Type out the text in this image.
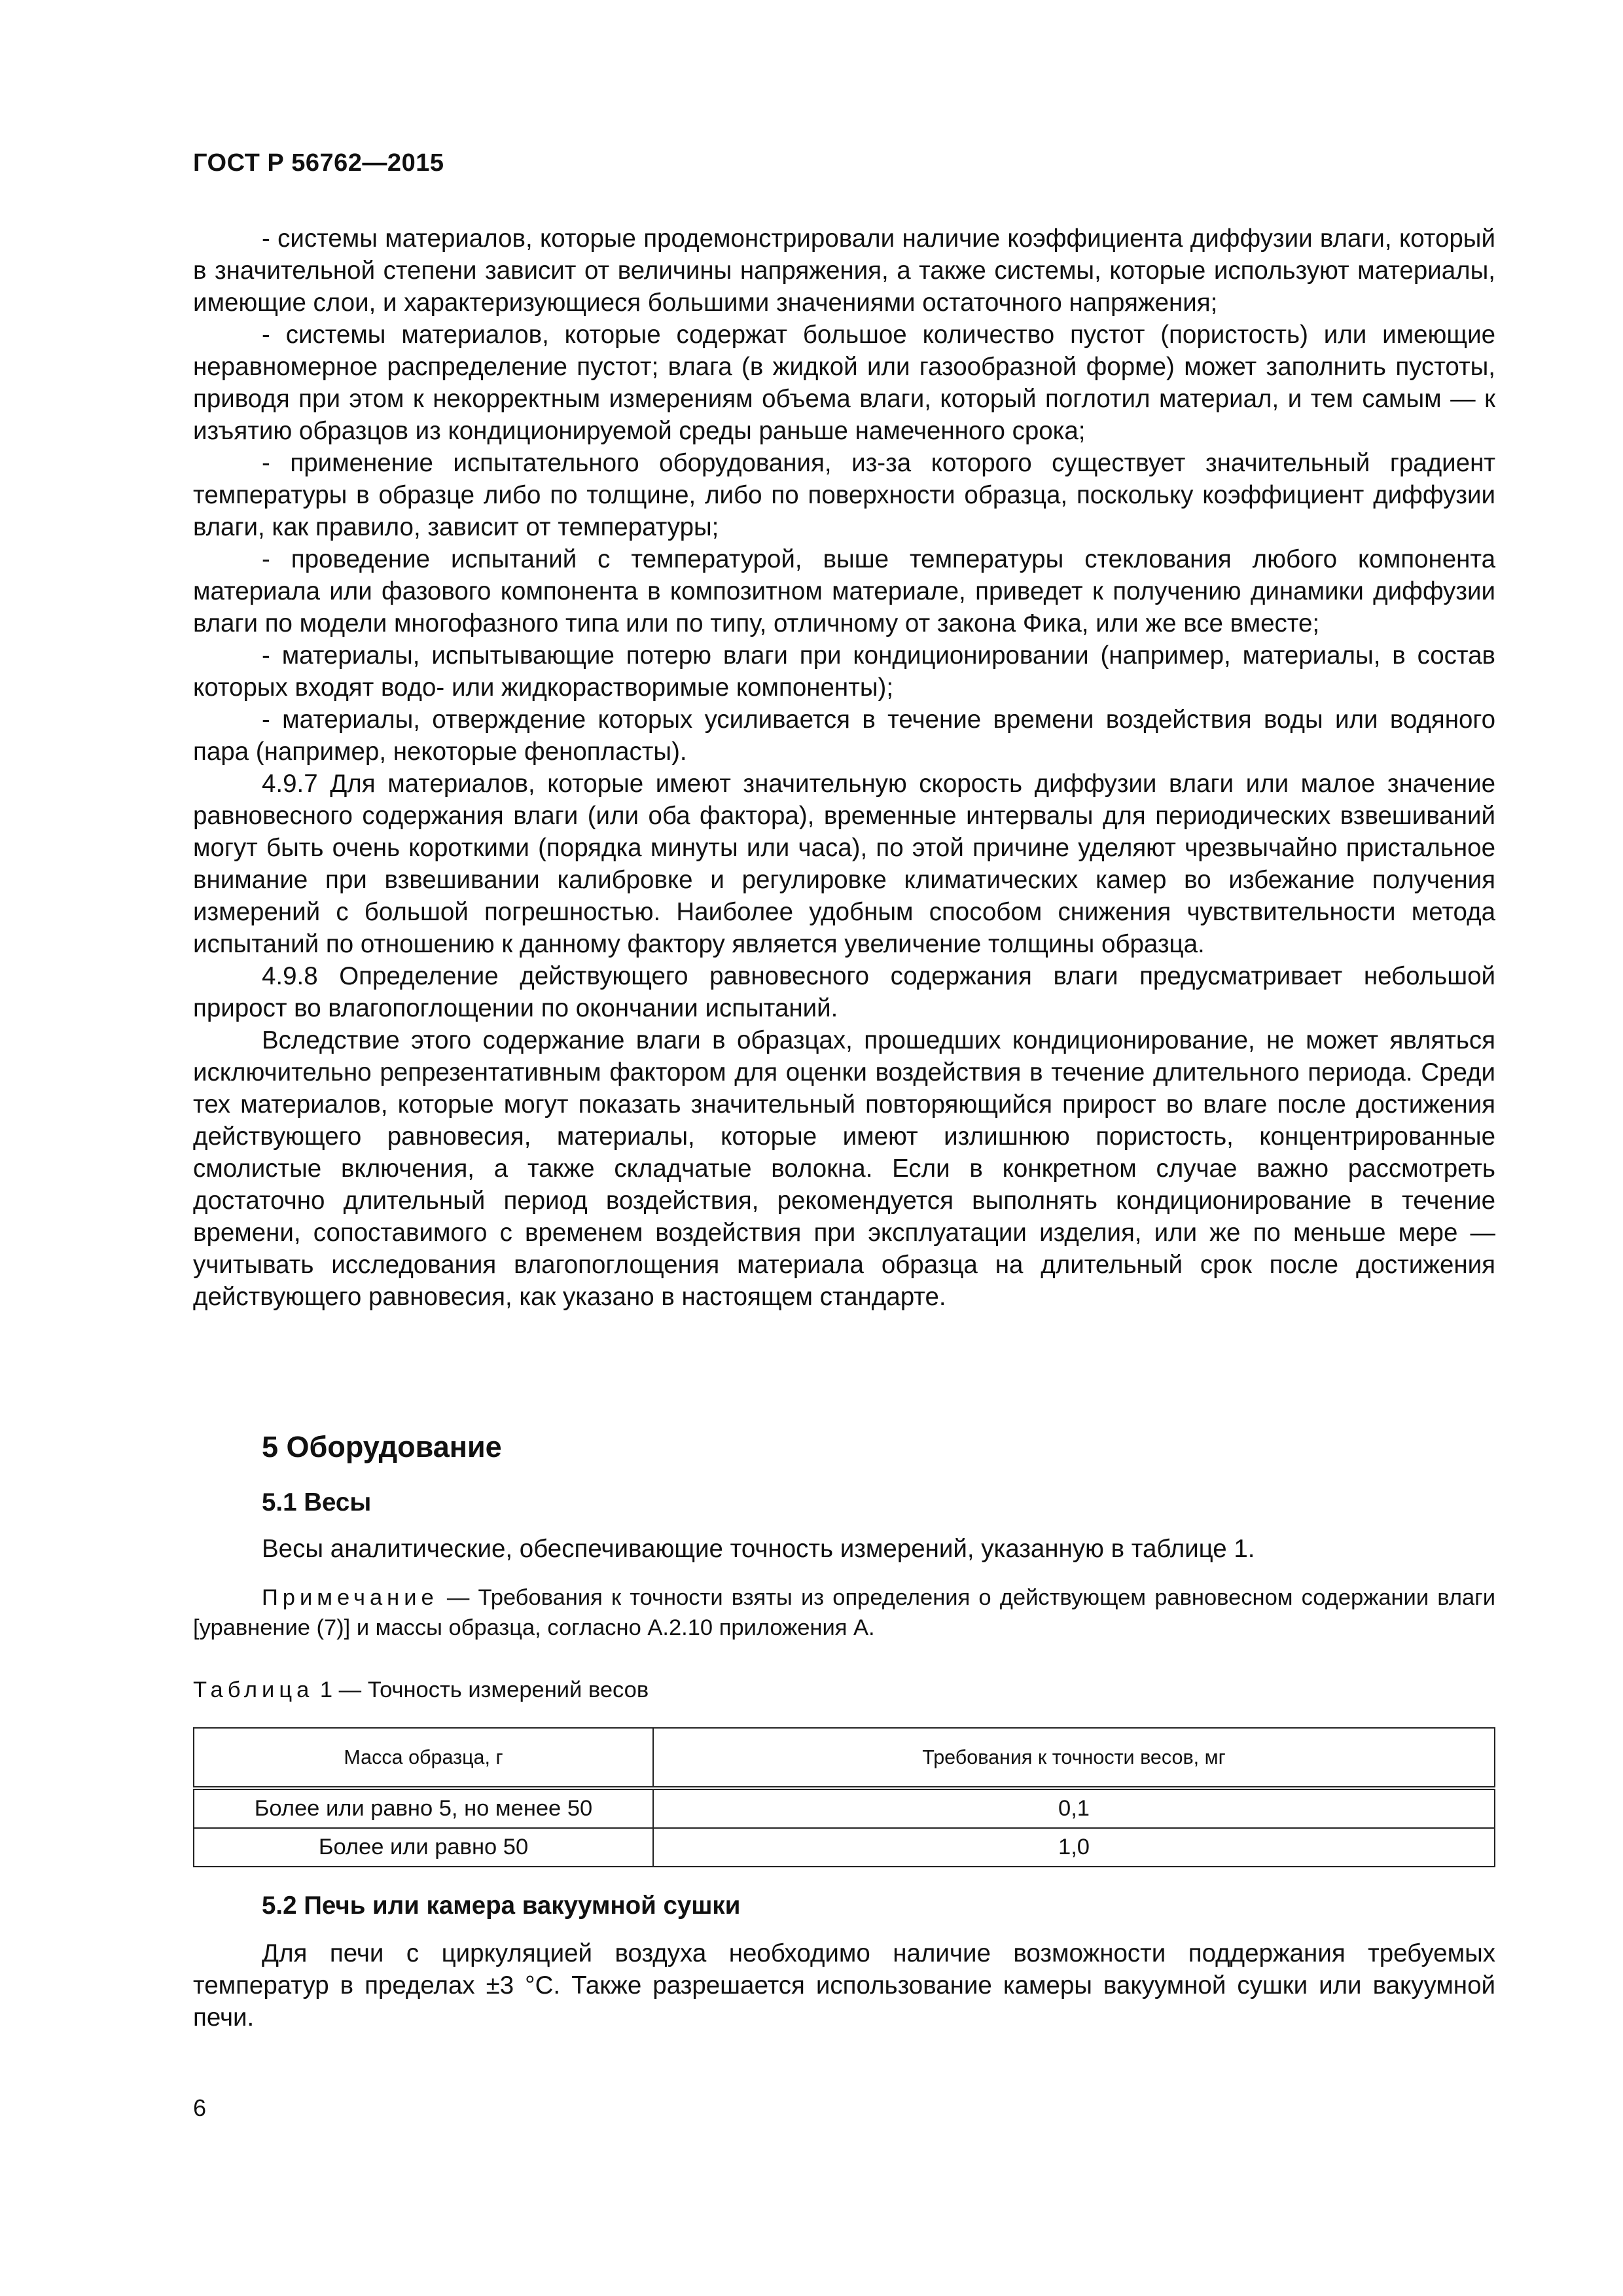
ГОСТ Р 56762—2015

- системы материалов, которые продемонстрировали наличие коэффициента диффузии влаги, который в значительной степени зависит от величины напряжения, а также системы, которые используют материалы, имеющие слои, и характеризующиеся большими значениями остаточного напряжения;

- системы материалов, которые содержат большое количество пустот (пористость) или имеющие неравномерное распределение пустот; влага (в жидкой или газообразной форме) может заполнить пустоты, приводя при этом к некорректным измерениям объема влаги, который поглотил материал, и тем самым — к изъятию образцов из кондиционируемой среды раньше намеченного срока;

- применение испытательного оборудования, из-за которого существует значительный градиент температуры в образце либо по толщине, либо по поверхности образца, поскольку коэффициент диффузии влаги, как правило, зависит от температуры;

- проведение испытаний с температурой, выше температуры стеклования любого компонента материала или фазового компонента в композитном материале, приведет к получению динамики диффузии влаги по модели многофазного типа или по типу, отличному от закона Фика, или же все вместе;

- материалы, испытывающие потерю влаги при кондиционировании (например, материалы, в состав которых входят водо- или жидкорастворимые компоненты);

- материалы, отверждение которых усиливается в течение времени воздействия воды или водяного пара (например, некоторые фенопласты).

4.9.7 Для материалов, которые имеют значительную скорость диффузии влаги или малое значение равновесного содержания влаги (или оба фактора), временные интервалы для периодических взвешиваний могут быть очень короткими (порядка минуты или часа), по этой причине уделяют чрезвычайно пристальное внимание при взвешивании калибровке и регулировке климатических камер во избежание получения измерений с большой погрешностью. Наиболее удобным способом снижения чувствительности метода испытаний по отношению к данному фактору является увеличение толщины образца.

4.9.8 Определение действующего равновесного содержания влаги предусматривает небольшой прирост во влагопоглощении по окончании испытаний.

Вследствие этого содержание влаги в образцах, прошедших кондиционирование, не может являться исключительно репрезентативным фактором для оценки воздействия в течение длительного периода. Среди тех материалов, которые могут показать значительный повторяющийся прирост во влаге после достижения действующего равновесия, материалы, которые имеют излишнюю пористость, концентрированные смолистые включения, а также складчатые волокна. Если в конкретном случае важно рассмотреть достаточно длительный период воздействия, рекомендуется выполнять кондиционирование в течение времени, сопоставимого с временем воздействия при эксплуатации изделия, или же по меньше мере — учитывать исследования влагопоглощения материала образца на длительный срок после достижения действующего равновесия, как указано в настоящем стандарте.

5 Оборудование
5.1 Весы
Весы аналитические, обеспечивающие точность измерений, указанную в таблице 1.
Примечание — Требования к точности взяты из определения о действующем равновесном содержании влаги [уравнение (7)] и массы образца, согласно А.2.10 приложения А.
Таблица 1 — Точность измерений весов
Масса образца, г	Требования к точности весов, мг
Более или равно 5, но менее 50	0,1
Более или равно 50	1,0
5.2 Печь или камера вакуумной сушки

Для печи с циркуляцией воздуха необходимо наличие возможности поддержания требуемых температур в пределах ±3 °С. Также разрешается использование камеры вакуумной сушки или вакуумной печи.

6
